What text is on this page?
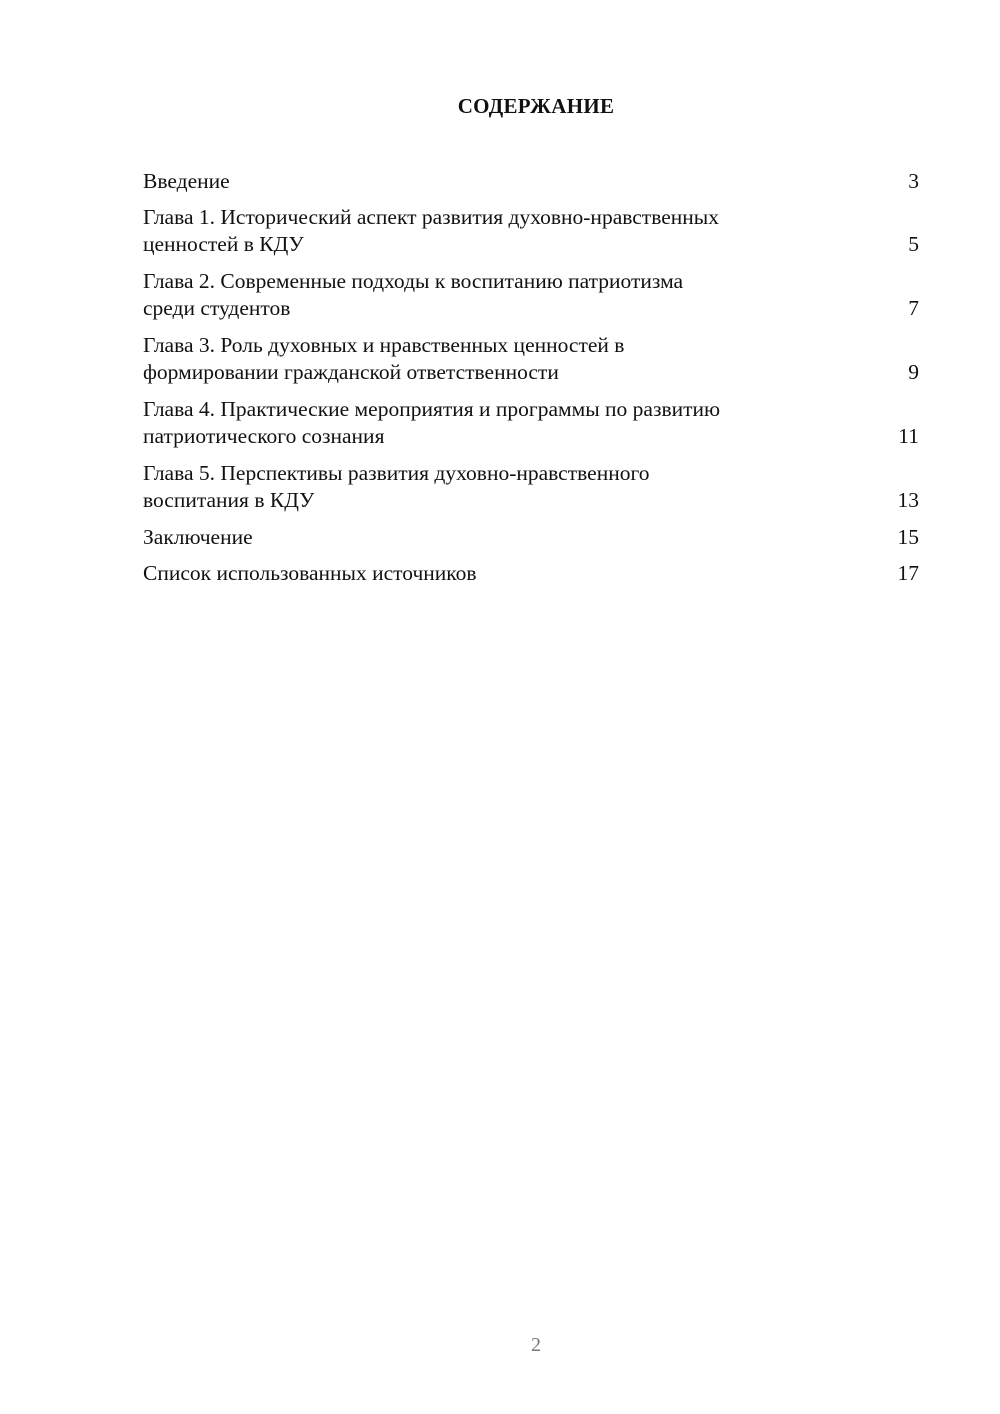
СОДЕРЖАНИЕ
Введение	3
Глава 1. Исторический аспект развития духовно-нравственных
ценностей в КДУ	5
Глава 2. Современные подходы к воспитанию патриотизма
среди студентов	7
Глава 3. Роль духовных и нравственных ценностей в
формировании гражданской ответственности	9
Глава 4. Практические мероприятия и программы по развитию
патриотического сознания	11
Глава 5. Перспективы развития духовно-нравственного
воспитания в КДУ	13
Заключение	15
Список использованных источников	17
2
